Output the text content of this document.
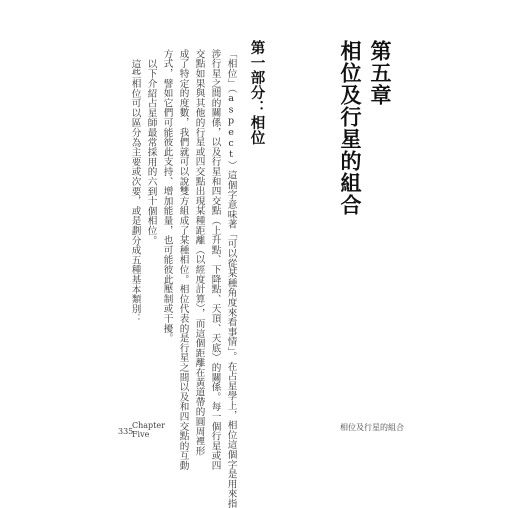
第五章
相位及行星的組合
第一部分：相位
「相位」（aspect）這個字意味著「可以從某種角度來看事情」。在占星學上，相位這個字是用來指
涉行星之間的關係，以及行星和四交點（上升點、下降點、天頂、天底）的關係。每一個行星或四
交點如果與其他的行星或四交點出現某種距離（以經度計算），而這個距離在黃道帶的圓周裡形
成了特定的度數，我們就可以說雙方組成了某種相位。相位代表的是行星之間以及和四交點的互動
方式，譬如它們可能彼此支持、增加能量，也可能彼此壓制或干擾。
以下介紹占星師最常採用的六到十個相位。
這些相位可以區分為主要或次要，或是劃分成五種基本類別：
335
Chapter
Five
相位及行星的組合
